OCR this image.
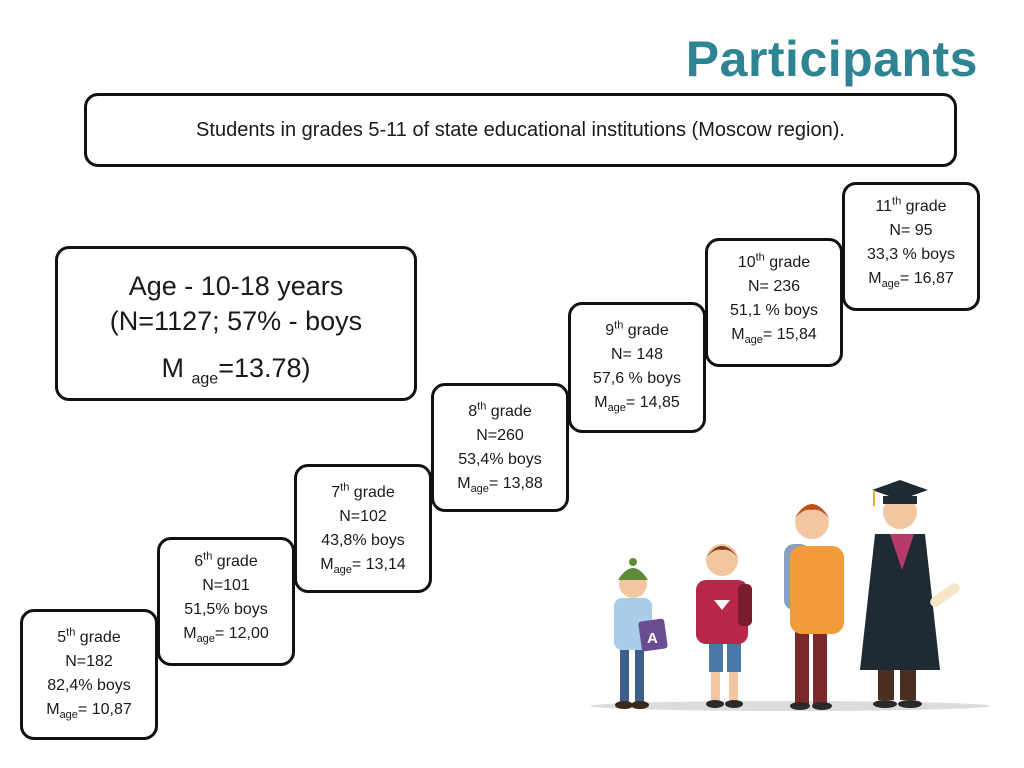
Participants
Students in grades 5-11 of state educational institutions (Moscow region).
Age - 10-18 years
(N=1127; 57% - boys
M $_{age}$=13.78)
5th grade
N=182
82,4% boys
$M_{age}= 10,87$
6th grade
N=101
51,5% boys
$M_{age}= 12,00$
7th grade
N=102
43,8% boys
$M_{age}= 13,14$
8th grade
N=260
53,4% boys
$M_{age}= 13,88$
9th grade
N= 148
57,6 % boys
$M_{age}= 14,85$
10th grade
N= 236
51,1 % boys
$M_{age}= 15,84$
11th grade
N= 95
33,3 % boys
$M_{age}= 16,87$
A
